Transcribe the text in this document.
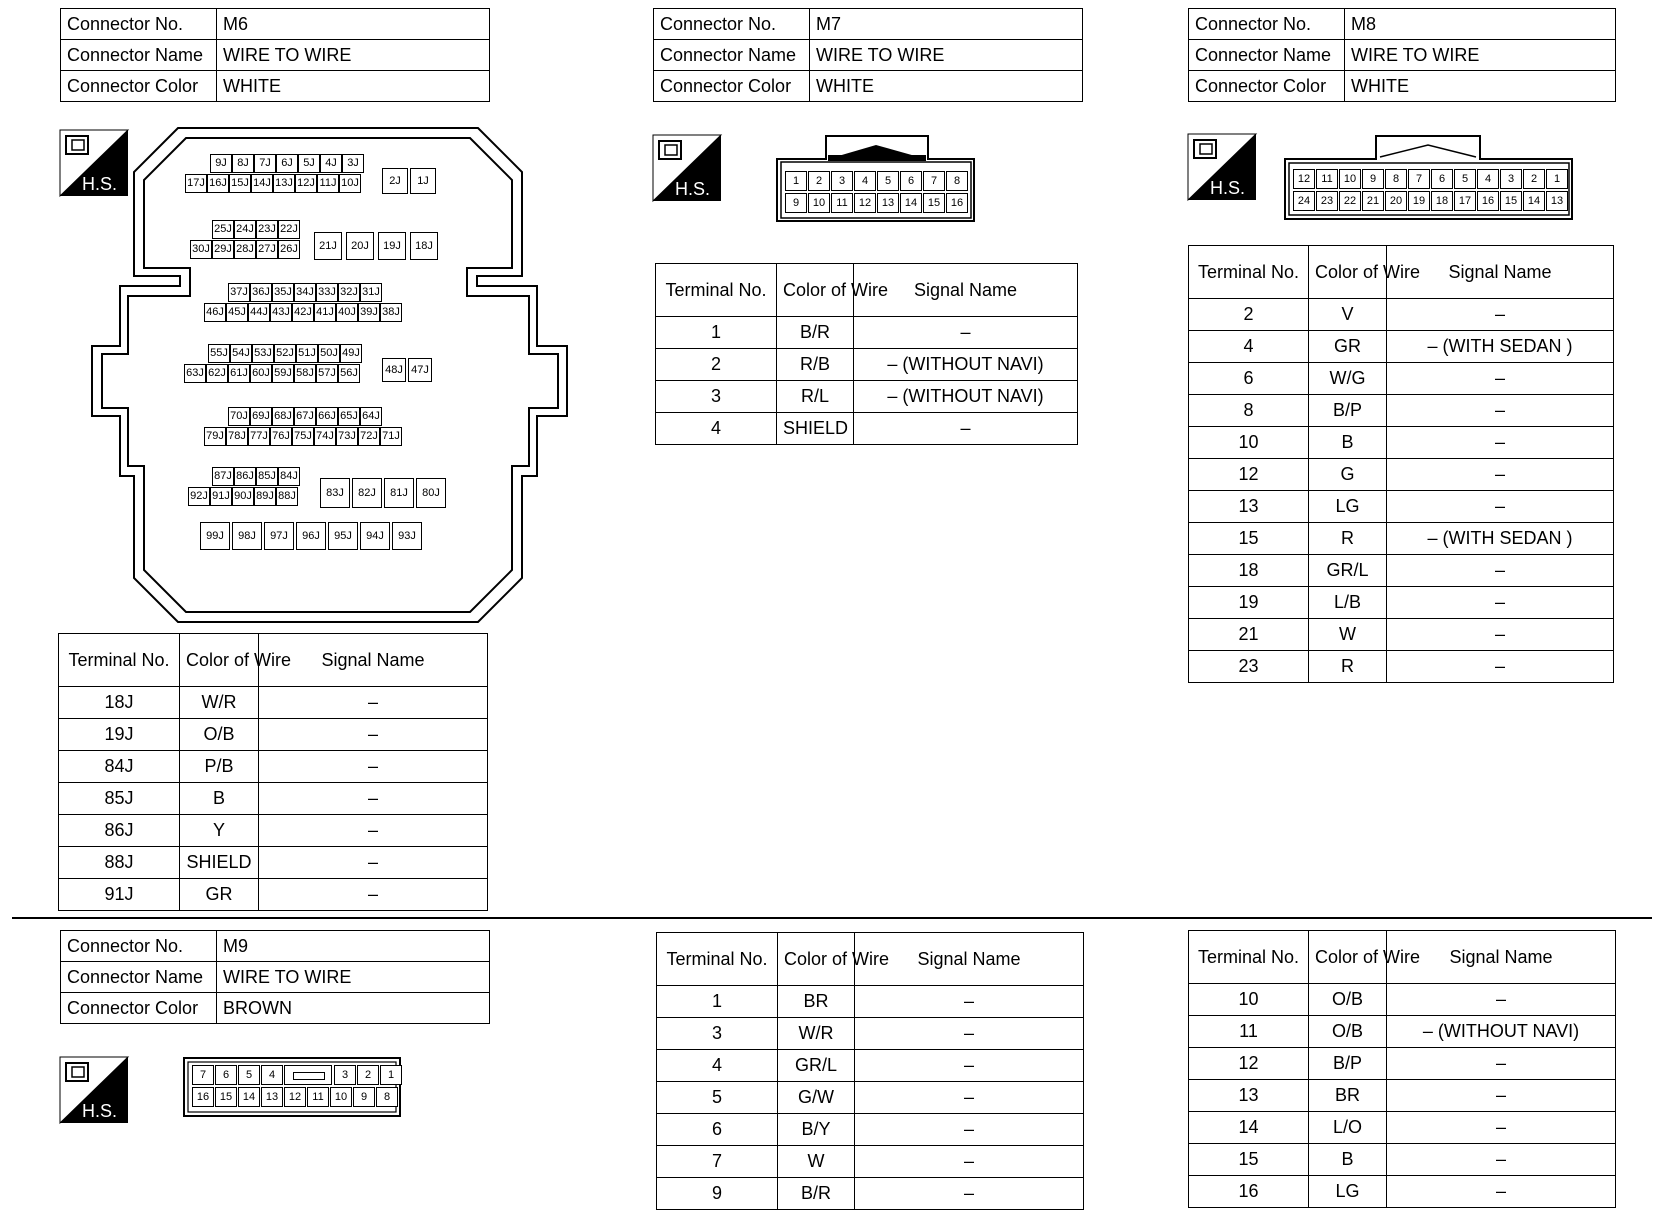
Connector No.	M6
Connector Name	WIRE TO WIRE
Connector Color	WHITE
H.S.
9J 8J 7J 6J 5J 4J 3J
17J 16J 15J 14J 13J 12J 11J 10J	2J	1J
25J 24J 23J 22J
30J 29J 28J 27J 26J	21J	20J	19J	18J
37J 36J 35J 34J 33J 32J 31J
46J 45J 44J 43J 42J 41J 40J 39J 38J
55J 54J 53J 52J 51J 50J 49J
63J 62J 61J 60J 59J 58J 57J 56J 48J 47J
70J 69J 68J 67J 66J 65J 64J
79J 78J 77J 76J 75J 74J 73J 72J 71J
87J 86J 85J 84J
92J 91J 90J 89J 88J	83J	82J	81J	80J
99J	98J	97J	96J	95J	94J	93J
Terminal No.	Color of Wire	Signal Name
18J	W/R	–
19J	O/B	–
84J	P/B	–
85J	B	–
86J	Y	–
88J	SHIELD	–
91J	GR	–
Connector No.	M7
Connector Name	WIRE TO WIRE
Connector Color	WHITE
H.S.	1	2	3	4	5	6	7	8
9	10	11	12 13 14 15 16
Terminal No.	Color of Wire	Signal Name
1	B/R	–
2	R/B	– (WITHOUT NAVI)
3	R/L	– (WITHOUT NAVI)
4	SHIELD	–
Connector No.	M8
Connector Name	WIRE TO WIRE
Connector Color	WHITE
H.S.	12	11	10	9	8	7	6	5	4	3	2	1
24 23 22 21 20 19 18 17 16 15 14 13
Terminal No.	Color of Wire	Signal Name
2	V	–
4	GR	– (WITH SEDAN )
6	W/G	–
8	B/P	–
10	B	–
12	G	–
13	LG	–
15	R	– (WITH SEDAN )
18	GR/L	–
19	L/B	–
21	W	–
23	R	–
Connector No.	M9
Connector Name	WIRE TO WIRE
Connector Color	BROWN
H.S.
7	6	5	4	3	2	1
16 15 14 13 12	11	10	9	8
Terminal No.	Color of Wire	Signal Name
1	BR	–
3	W/R	–
4	GR/L	–
5	G/W	–
6	B/Y	–
7	W	–
9	B/R	–
Terminal No.	Color of Wire	Signal Name
10	O/B	–
11	O/B	– (WITHOUT NAVI)
12	B/P	–
13	BR	–
14	L/O	–
15	B	–
16	LG	–
